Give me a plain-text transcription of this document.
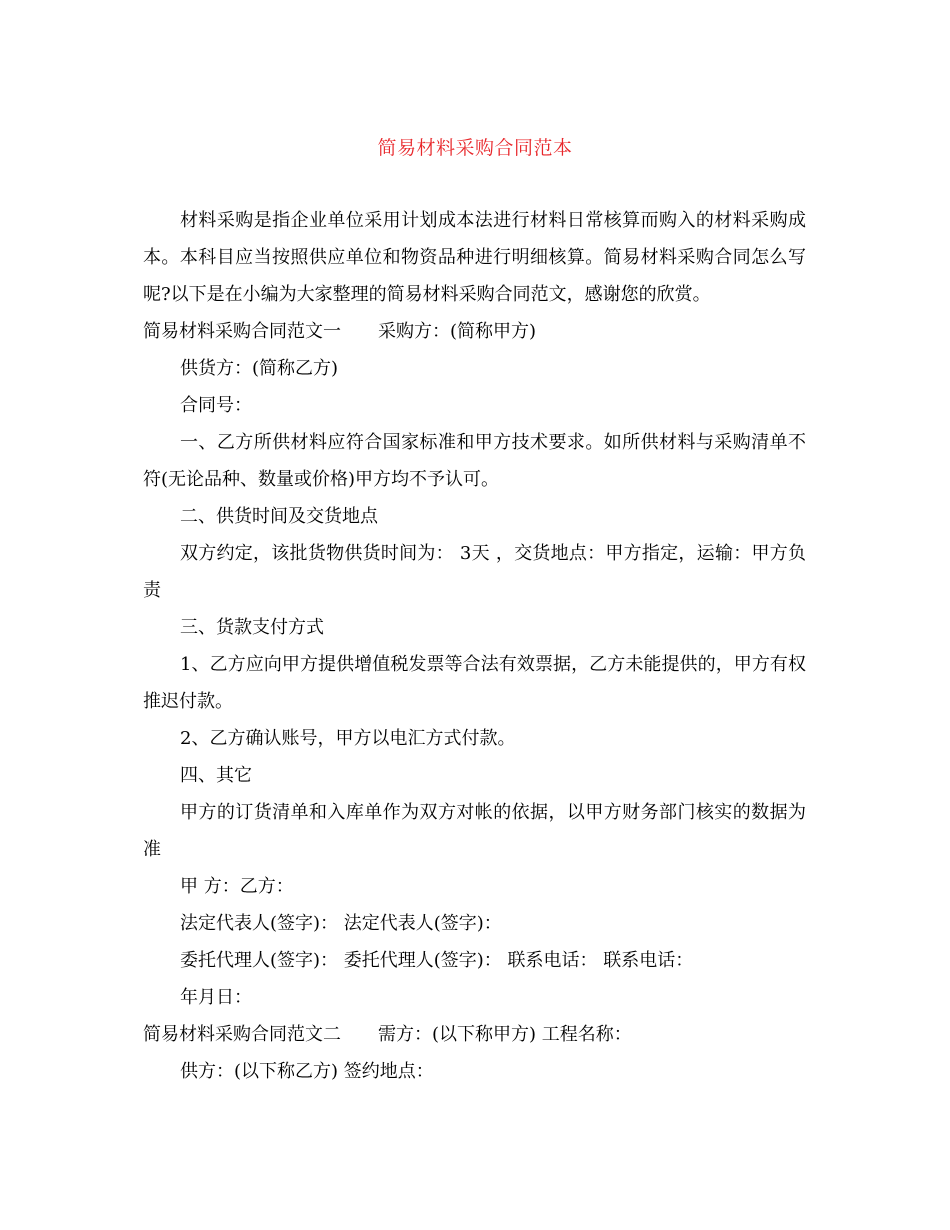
简易材料采购合同范本

材料采购是指企业单位采用计划成本法进行材料日常核算而购入的材料采购成本。本科目应当按照供应单位和物资品种进行明细核算。简易材料采购合同怎么写呢?以下是在小编为大家整理的简易材料采购合同范文，感谢您的欣赏。

简易材料采购合同范文一 采购方：(简称甲方)

供货方：(简称乙方)

合同号：

一、乙方所供材料应符合国家标准和甲方技术要求。如所供材料与采购清单不符(无论品种、数量或价格)甲方均不予认可。

二、供货时间及交货地点

双方约定，该批货物供货时间为： 3天 ，交货地点：甲方指定，运输：甲方负责

三、货款支付方式

1、乙方应向甲方提供增值税发票等合法有效票据，乙方未能提供的，甲方有权推迟付款。

2、乙方确认账号，甲方以电汇方式付款。

四、其它

甲方的订货清单和入库单作为双方对帐的依据，以甲方财务部门核实的数据为准

甲 方：乙方：

法定代表人(签字)： 法定代表人(签字)：

委托代理人(签字)： 委托代理人(签字)： 联系电话： 联系电话：

年月日：

简易材料采购合同范文二 需方：(以下称甲方) 工程名称：

供方：(以下称乙方) 签约地点：
